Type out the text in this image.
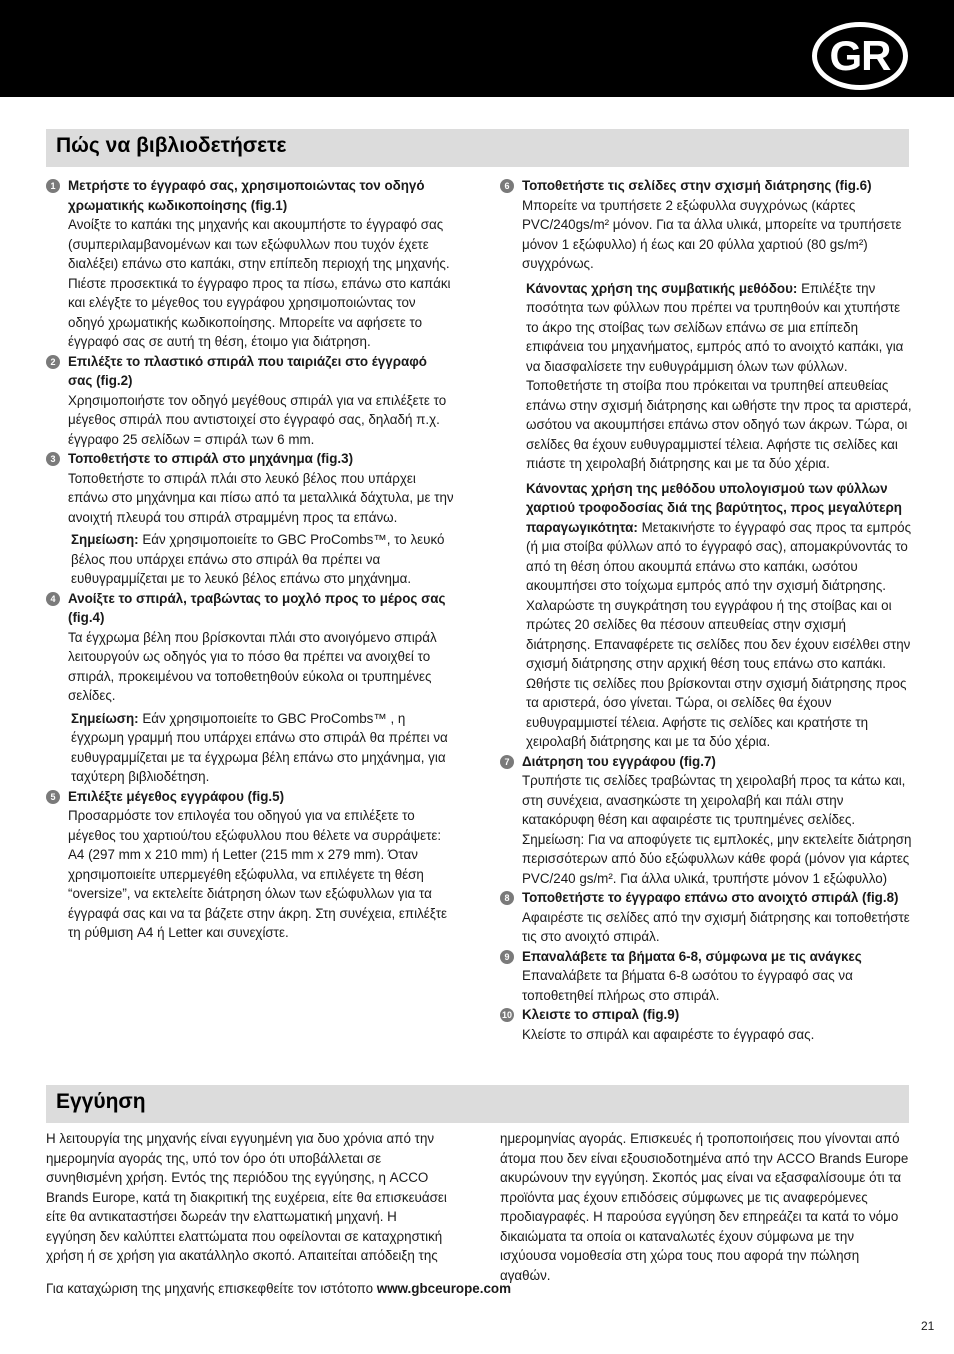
GR
Πώς να βιβλιοδετήσετε
1 Μετρήστε το έγγραφό σας, χρησιμοποιώντας τον οδηγό χρωματικής κωδικοποίησης (fig.1)
Ανοίξτε το καπάκι της μηχανής και ακουμπήστε το έγγραφό σας (συμπεριλαμβανομένων και των εξώφυλλων που τυχόν έχετε διαλέξει) επάνω στο καπάκι, στην επίπεδη περιοχή της μηχανής. Πιέστε προσεκτικά το έγγραφο προς τα πίσω, επάνω στο καπάκι και ελέγξτε το μέγεθος του εγγράφου χρησιμοποιώντας τον οδηγό χρωματικής κωδικοποίησης. Μπορείτε να αφήσετε το έγγραφό σας σε αυτή τη θέση, έτοιμο για διάτρηση.
2 Επιλέξτε το πλαστικό σπιράλ που ταιριάζει στο έγγραφό σας (fig.2)
Χρησιμοποιήστε τον οδηγό μεγέθους σπιράλ για να επιλέξετε το μέγεθος σπιράλ που αντιστοιχεί στο έγγραφό σας, δηλαδή π.χ. έγγραφο 25 σελίδων = σπιράλ των 6 mm.
3 Τοποθετήστε το σπιράλ στο μηχάνημα (fig.3)
Τοποθετήστε το σπιράλ πλάι στο λευκό βέλος που υπάρχει επάνω στο μηχάνημα και πίσω από τα μεταλλικά δάχτυλα, με την ανοιχτή πλευρά του σπιράλ στραμμένη προς τα επάνω.
Σημείωση: Εάν χρησιμοποιείτε το GBC ProCombs™, το λευκό βέλος που υπάρχει επάνω στο σπιράλ θα πρέπει να ευθυγραμμίζεται με το λευκό βέλος επάνω στο μηχάνημα.
4 Ανοίξτε το σπιράλ, τραβώντας το μοχλό προς το μέρος σας (fig.4)
Τα έγχρωμα βέλη που βρίσκονται πλάι στο ανοιγόμενο σπιράλ λειτουργούν ως οδηγός για το πόσο θα πρέπει να ανοιχθεί το σπιράλ, προκειμένου να τοποθετηθούν εύκολα οι τρυπημένες σελίδες.
Σημείωση: Εάν χρησιμοποιείτε το GBC ProCombs™ , η έγχρωμη γραμμή που υπάρχει επάνω στο σπιράλ θα πρέπει να ευθυγραμμίζεται με τα έγχρωμα βέλη επάνω στο μηχάνημα, για ταχύτερη βιβλιοδέτηση.
5 Επιλέξτε μέγεθος εγγράφου (fig.5)
Προσαρμόστε τον επιλογέα του οδηγού για να επιλέξετε το μέγεθος του χαρτιού/του εξώφυλλου που θέλετε να συρράψετε: A4 (297 mm x 210 mm) ή Letter (215 mm x 279 mm). Όταν χρησιμοποιείτε υπερμεγέθη εξώφυλλα, να επιλέγετε τη θέση “oversize”, να εκτελείτε διάτρηση όλων των εξώφυλλων για τα έγγραφά σας και να τα βάζετε στην άκρη. Στη συνέχεια, επιλέξτε τη ρύθμιση A4 ή Letter και συνεχίστε.
6 Τοποθετήστε τις σελίδες στην σχισμή διάτρησης (fig.6)
Μπορείτε να τρυπήσετε 2 εξώφυλλα συγχρόνως (κάρτες PVC/240gs/m² μόνον. Για τα άλλα υλικά, μπορείτε να τρυπήσετε μόνον 1 εξώφυλλο) ή έως και 20 φύλλα χαρτιού (80 gs/m²) συγχρόνως.
Κάνοντας χρήση της συμβατικής μεθόδου: Επιλέξτε την ποσότητα των φύλλων που πρέπει να τρυπηθούν και χτυπήστε το άκρο της στοίβας των σελίδων επάνω σε μια επίπεδη επιφάνεια του μηχανήματος, εμπρός από το ανοιχτό καπάκι, για να διασφαλίσετε την ευθυγράμμιση όλων των φύλλων. Τοποθετήστε τη στοίβα που πρόκειται να τρυπηθεί απευθείας επάνω στην σχισμή διάτρησης και ωθήστε την προς τα αριστερά, ωσότου να ακουμπήσει επάνω στον οδηγό των άκρων. Τώρα, οι σελίδες θα έχουν ευθυγραμμιστεί τέλεια. Αφήστε τις σελίδες και πιάστε τη χειρολαβή διάτρησης και με τα δύο χέρια.
Κάνοντας χρήση της μεθόδου υπολογισμού των φύλλων χαρτιού τροφοδοσίας διά της βαρύτητος, προς μεγαλύτερη παραγωγικότητα: Μετακινήστε το έγγραφό σας προς τα εμπρός (ή μια στοίβα φύλλων από το έγγραφό σας), απομακρύνοντάς το από τη θέση όπου ακουμπά επάνω στο καπάκι, ωσότου ακουμπήσει στο τοίχωμα εμπρός από την σχισμή διάτρησης. Χαλαρώστε τη συγκράτηση του εγγράφου ή της στοίβας και οι πρώτες 20 σελίδες θα πέσουν απευθείας στην σχισμή διάτρησης. Επαναφέρετε τις σελίδες που δεν έχουν εισέλθει στην σχισμή διάτρησης στην αρχική θέση τους επάνω στο καπάκι. Ωθήστε τις σελίδες που βρίσκονται στην σχισμή διάτρησης προς τα αριστερά, όσο γίνεται. Τώρα, οι σελίδες θα έχουν ευθυγραμμιστεί τέλεια. Αφήστε τις σελίδες και κρατήστε τη χειρολαβή διάτρησης και με τα δύο χέρια.
7 Διάτρηση του εγγράφου (fig.7)
Τρυπήστε τις σελίδες τραβώντας τη χειρολαβή προς τα κάτω και, στη συνέχεια, ανασηκώστε τη χειρολαβή και πάλι στην κατακόρυφη θέση και αφαιρέστε τις τρυπημένες σελίδες. Σημείωση: Για να αποφύγετε τις εμπλοκές, μην εκτελείτε διάτρηση περισσότερων από δύο εξώφυλλων κάθε φορά (μόνον για κάρτες PVC/240 gs/m². Για άλλα υλικά, τρυπήστε μόνον 1 εξώφυλλο)
8 Τοποθετήστε το έγγραφο επάνω στο ανοιχτό σπιράλ (fig.8)
Αφαιρέστε τις σελίδες από την σχισμή διάτρησης και τοποθετήστε τις στο ανοιχτό σπιράλ.
9 Επαναλάβετε τα βήματα 6-8, σύμφωνα με τις ανάγκες
Επαναλάβετε τα βήματα 6-8 ωσότου το έγγραφό σας να τοποθετηθεί πλήρως στο σπιράλ.
10 Κλειστε το σπιραλ (fig.9)
Κλείστε το σπιράλ και αφαιρέστε το έγγραφό σας.
Εγγύηση
Η λειτουργία της μηχανής είναι εγγυημένη για δυο χρόνια από την ημερομηνία αγοράς της, υπό τον όρο ότι υποβάλλεται σε συνηθισμένη χρήση. Εντός της περιόδου της εγγύησης, η ACCO Brands Europe, κατά τη διακριτική της ευχέρεια, είτε θα επισκευάσει είτε θα αντικαταστήσει δωρεάν την ελαττωματική μηχανή. Η εγγύηση δεν καλύπτει ελαττώματα που οφείλονται σε καταχρηστική χρήση ή σε χρήση για ακατάλληλο σκοπό. Απαιτείται απόδειξη της
ημερομηνίας αγοράς. Επισκευές ή τροποποιήσεις που γίνονται από άτομα που δεν είναι εξουσιοδοτημένα από την ACCO Brands Europe ακυρώνουν την εγγύηση. Σκοπός μας είναι να εξασφαλίσουμε ότι τα προϊόντα μας έχουν επιδόσεις σύμφωνες με τις αναφερόμενες προδιαγραφές. Η παρούσα εγγύηση δεν επηρεάζει τα κατά το νόμο δικαιώματα τα οποία οι καταναλωτές έχουν σύμφωνα με την ισχύουσα νομοθεσία στη χώρα τους που αφορά την πώληση αγαθών.
Για καταχώριση της μηχανής επισκεφθείτε τον ιστότοπο www.gbceurope.com
21
